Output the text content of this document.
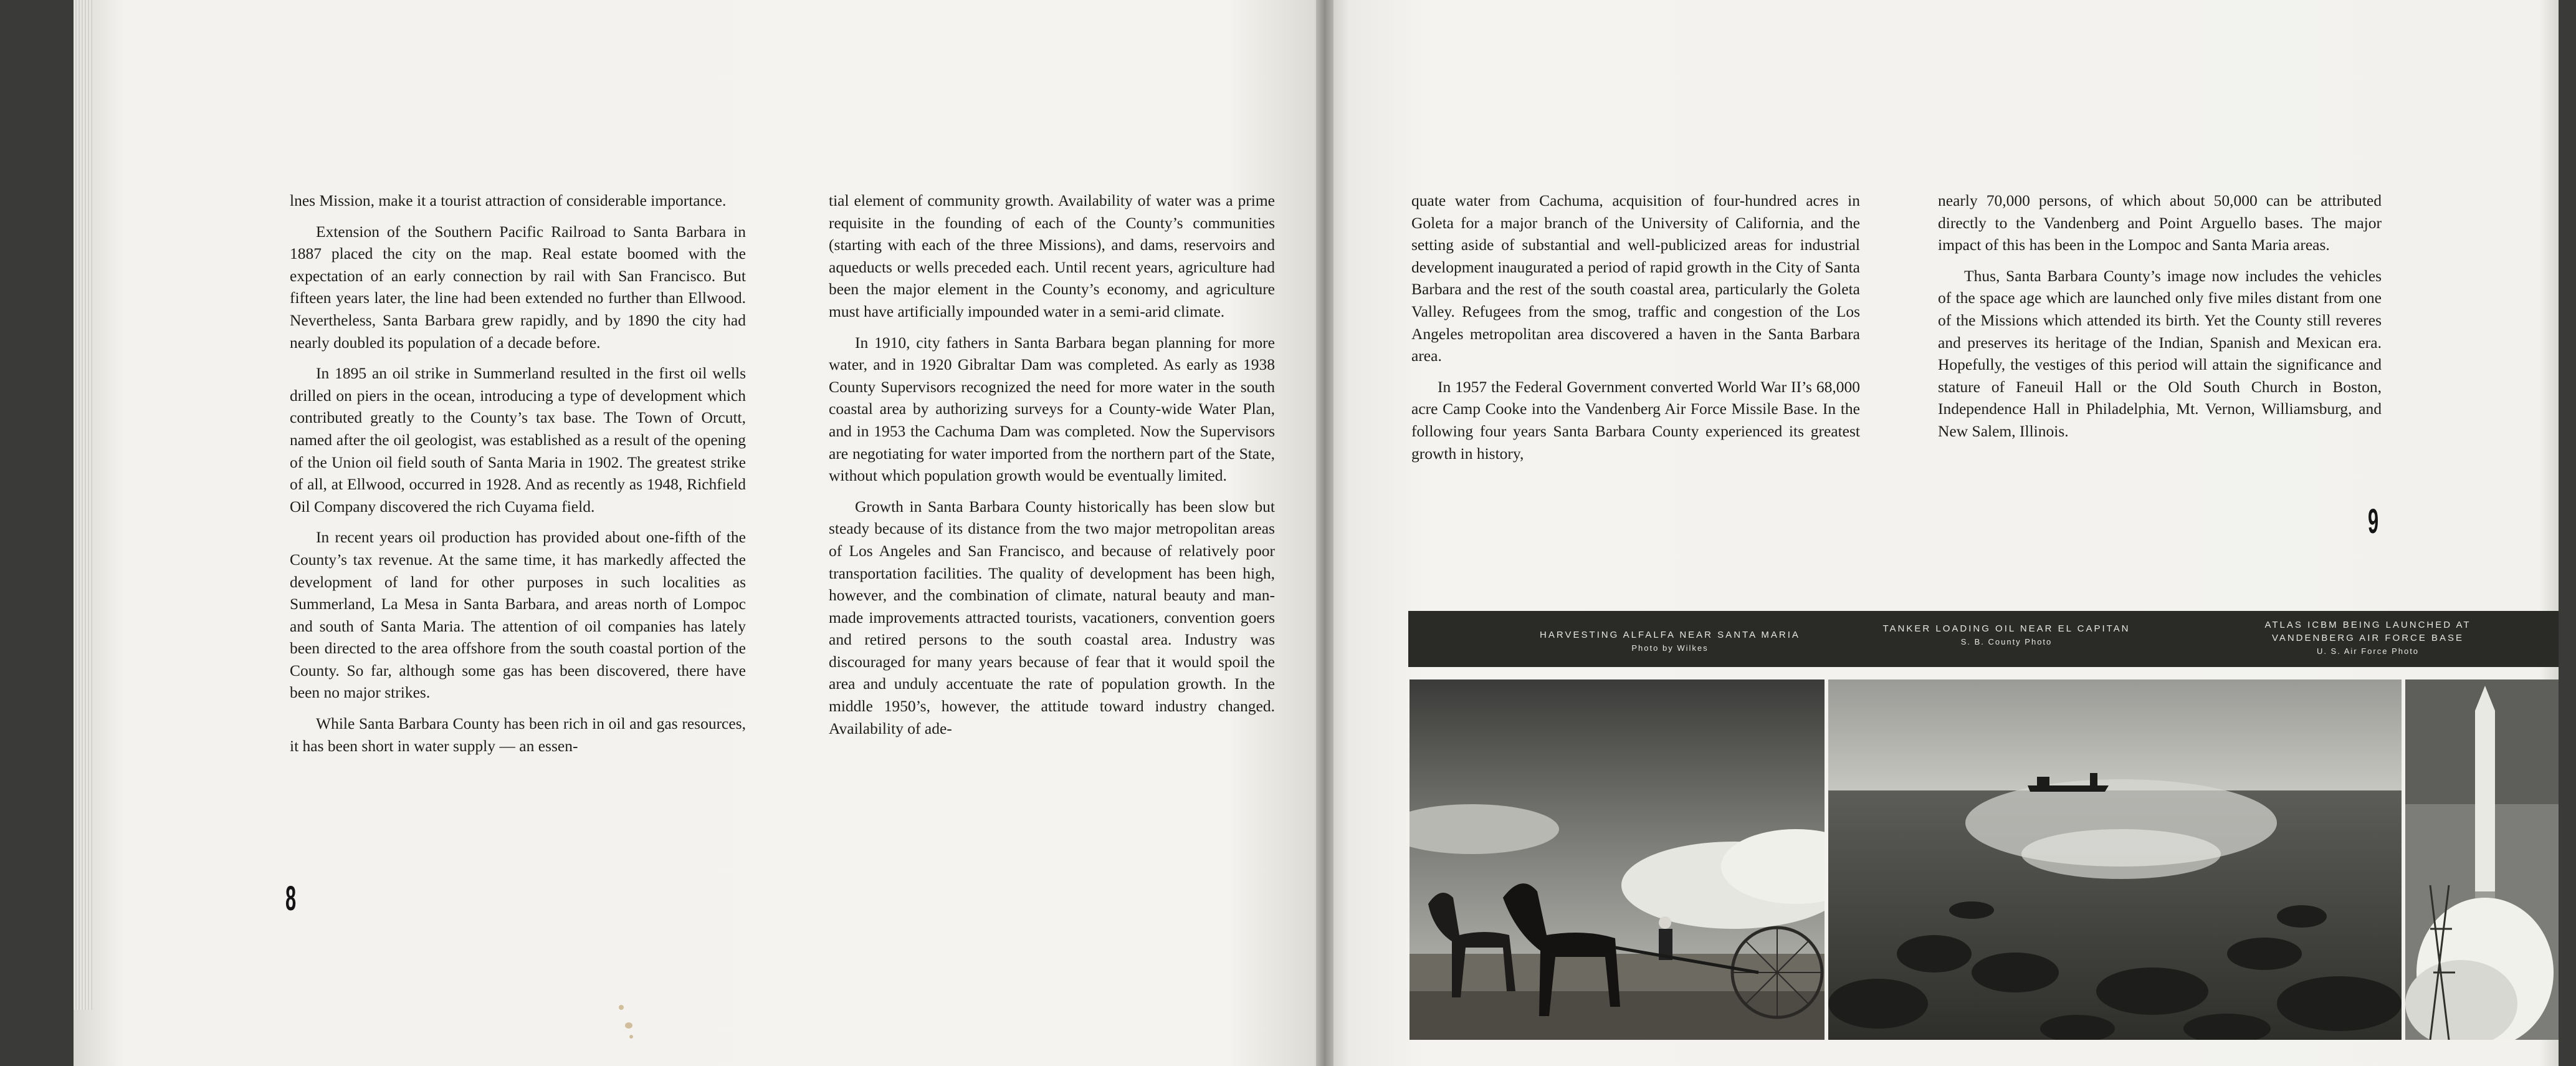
lnes Mission, make it a tourist attraction of considerable importance.

Extension of the Southern Pacific Railroad to Santa Barbara in 1887 placed the city on the map. Real estate boomed with the expectation of an early connection by rail with San Francisco. But fifteen years later, the line had been extended no further than Ellwood. Nevertheless, Santa Barbara grew rapidly, and by 1890 the city had nearly doubled its population of a decade before.

In 1895 an oil strike in Summerland resulted in the first oil wells drilled on piers in the ocean, introducing a type of development which contributed greatly to the County’s tax base. The Town of Orcutt, named after the oil geologist, was established as a result of the opening of the Union oil field south of Santa Maria in 1902. The greatest strike of all, at Ellwood, occurred in 1928. And as recently as 1948, Richfield Oil Company discovered the rich Cuyama field.

In recent years oil production has provided about one-fifth of the County’s tax revenue. At the same time, it has markedly affected the development of land for other purposes in such localities as Summerland, La Mesa in Santa Barbara, and areas north of Lompoc and south of Santa Maria. The attention of oil companies has lately been directed to the area offshore from the south coastal portion of the County. So far, although some gas has been discovered, there have been no major strikes.

While Santa Barbara County has been rich in oil and gas resources, it has been short in water supply — an essen-

8

tial element of community growth. Availability of water was a prime requisite in the founding of each of the County’s communities (starting with each of the three Missions), and dams, reservoirs and aqueducts or wells preceded each. Until recent years, agriculture had been the major element in the County’s economy, and agriculture must have artificially impounded water in a semi-arid climate.

In 1910, city fathers in Santa Barbara began planning for more water, and in 1920 Gibraltar Dam was completed. As early as 1938 County Supervisors recognized the need for more water in the south coastal area by authorizing surveys for a County-wide Water Plan, and in 1953 the Cachuma Dam was completed. Now the Supervisors are negotiating for water imported from the northern part of the State, without which population growth would be eventually limited.

Growth in Santa Barbara County historically has been slow but steady because of its distance from the two major metropolitan areas of Los Angeles and San Francisco, and because of relatively poor transportation facilities. The quality of development has been high, however, and the combination of climate, natural beauty and man-made improvements attracted tourists, vacationers, convention goers and retired persons to the south coastal area. Industry was discouraged for many years because of fear that it would spoil the area and unduly accentuate the rate of population growth. In the middle 1950’s, however, the attitude toward industry changed. Availability of ade-

quate water from Cachuma, acquisition of four-hundred acres in Goleta for a major branch of the University of California, and the setting aside of substantial and well-publicized areas for industrial development inaugurated a period of rapid growth in the City of Santa Barbara and the rest of the south coastal area, particularly the Goleta Valley. Refugees from the smog, traffic and congestion of the Los Angeles metropolitan area discovered a haven in the Santa Barbara area.

In 1957 the Federal Government converted World War II’s 68,000 acre Camp Cooke into the Vandenberg Air Force Missile Base. In the following four years Santa Barbara County experienced its greatest growth in history,

nearly 70,000 persons, of which about 50,000 can be attributed directly to the Vandenberg and Point Arguello bases. The major impact of this has been in the Lompoc and Santa Maria areas.

Thus, Santa Barbara County’s image now includes the vehicles of the space age which are launched only five miles distant from one of the Missions which attended its birth. Yet the County still reveres and preserves its heritage of the Indian, Spanish and Mexican era. Hopefully, the vestiges of this period will attain the significance and stature of Faneuil Hall or the Old South Church in Boston, Independence Hall in Philadelphia, Mt. Vernon, Williamsburg, and New Salem, Illinois.

9
HARVESTING ALFALFA NEAR SANTA MARIA
Photo by Wilkes
TANKER LOADING OIL NEAR EL CAPITAN
S. B. County Photo
ATLAS ICBM BEING LAUNCHED AT
VANDENBERG AIR FORCE BASE
U. S. Air Force Photo
